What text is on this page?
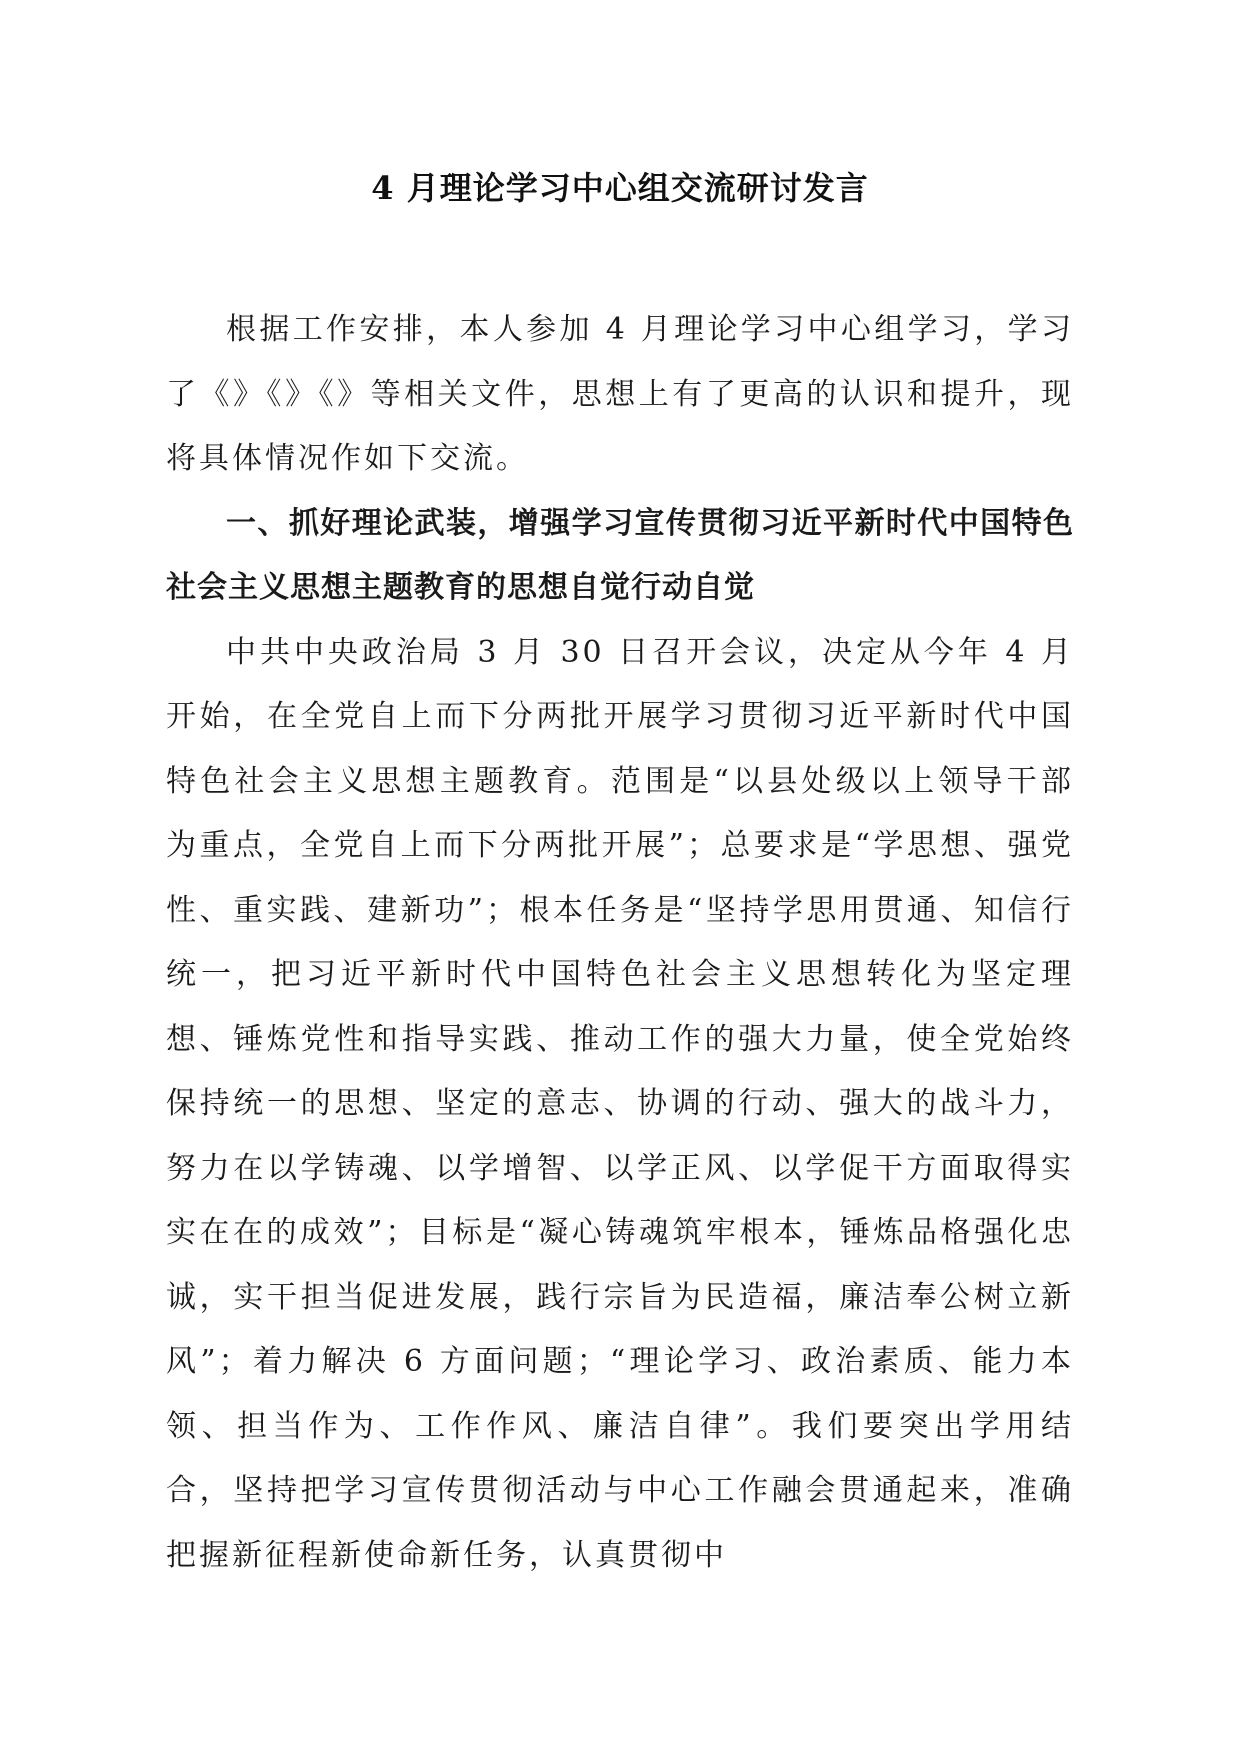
4 月理论学习中心组交流研讨发言

根据工作安排，本人参加 4 月理论学习中心组学习，学习了《》《》《》等相关文件，思想上有了更高的认识和提升，现将具体情况作如下交流。

一、抓好理论武装，增强学习宣传贯彻习近平新时代中国特色社会主义思想主题教育的思想自觉行动自觉

中共中央政治局 3 月 30 日召开会议，决定从今年 4 月开始，在全党自上而下分两批开展学习贯彻习近平新时代中国特色社会主义思想主题教育。范围是“以县处级以上领导干部为重点，全党自上而下分两批开展”；总要求是“学思想、强党性、重实践、建新功”；根本任务是“坚持学思用贯通、知信行统一，把习近平新时代中国特色社会主义思想转化为坚定理想、锤炼党性和指导实践、推动工作的强大力量，使全党始终保持统一的思想、坚定的意志、协调的行动、强大的战斗力，努力在以学铸魂、以学增智、以学正风、以学促干方面取得实实在在的成效”；目标是“凝心铸魂筑牢根本，锤炼品格强化忠诚，实干担当促进发展，践行宗旨为民造福，廉洁奉公树立新风”；着力解决 6 方面问题；“理论学习、政治素质、能力本领、担当作为、工作作风、廉洁自律”。我们要突出学用结合，坚持把学习宣传贯彻活动与中心工作融会贯通起来，准确把握新征程新使命新任务，认真贯彻中
